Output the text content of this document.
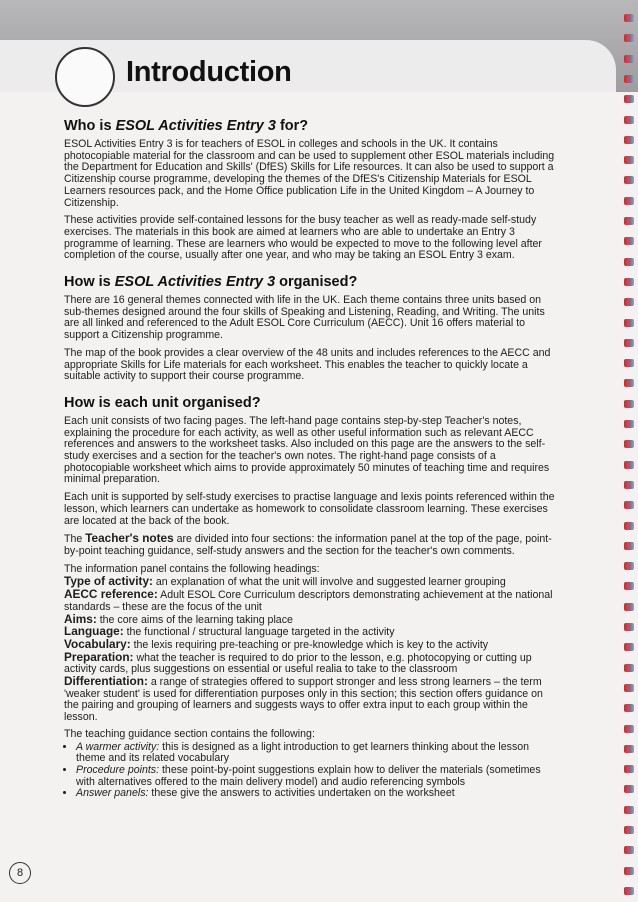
Introduction
Who is ESOL Activities Entry 3 for?

ESOL Activities Entry 3 is for teachers of ESOL in colleges and schools in the UK. It contains photocopiable material for the classroom and can be used to supplement other ESOL materials including the Department for Education and Skills' (DfES) Skills for Life resources. It can also be used to support a Citizenship course programme, developing the themes of the DfES's Citizenship Materials for ESOL Learners resources pack, and the Home Office publication Life in the United Kingdom – A Journey to Citizenship.

These activities provide self-contained lessons for the busy teacher as well as ready-made self-study exercises. The materials in this book are aimed at learners who are able to undertake an Entry 3 programme of learning. These are learners who would be expected to move to the following level after completion of the course, usually after one year, and who may be taking an ESOL Entry 3 exam.

How is ESOL Activities Entry 3 organised?

There are 16 general themes connected with life in the UK. Each theme contains three units based on sub-themes designed around the four skills of Speaking and Listening, Reading, and Writing. The units are all linked and referenced to the Adult ESOL Core Curriculum (AECC). Unit 16 offers material to support a Citizenship programme.

The map of the book provides a clear overview of the 48 units and includes references to the AECC and appropriate Skills for Life materials for each worksheet. This enables the teacher to quickly locate a suitable activity to support their course programme.

How is each unit organised?

Each unit consists of two facing pages. The left-hand page contains step-by-step Teacher's notes, explaining the procedure for each activity, as well as other useful information such as relevant AECC references and answers to the worksheet tasks. Also included on this page are the answers to the self-study exercises and a section for the teacher's own notes. The right-hand page consists of a photocopiable worksheet which aims to provide approximately 50 minutes of teaching time and requires minimal preparation.

Each unit is supported by self-study exercises to practise language and lexis points referenced within the lesson, which learners can undertake as homework to consolidate classroom learning. These exercises are located at the back of the book.

The Teacher's notes are divided into four sections: the information panel at the top of the page, point-by-point teaching guidance, self-study answers and the section for the teacher's own comments.

The information panel contains the following headings:

Type of activity: an explanation of what the unit will involve and suggested learner grouping

AECC reference: Adult ESOL Core Curriculum descriptors demonstrating achievement at the national standards – these are the focus of the unit

Aims: the core aims of the learning taking place

Language: the functional / structural language targeted in the activity

Vocabulary: the lexis requiring pre-teaching or pre-knowledge which is key to the activity

Preparation: what the teacher is required to do prior to the lesson, e.g. photocopying or cutting up activity cards, plus suggestions on essential or useful realia to take to the classroom

Differentiation: a range of strategies offered to support stronger and less strong learners – the term 'weaker student' is used for differentiation purposes only in this section; this section offers guidance on the pairing and grouping of learners and suggests ways to offer extra input to each group within the lesson.

The teaching guidance section contains the following:

• A warmer activity: this is designed as a light introduction to get learners thinking about the lesson theme and its related vocabulary
• Procedure points: these point-by-point suggestions explain how to deliver the materials (sometimes with alternatives offered to the main delivery model) and audio referencing symbols
• Answer panels: these give the answers to activities undertaken on the worksheet
8
